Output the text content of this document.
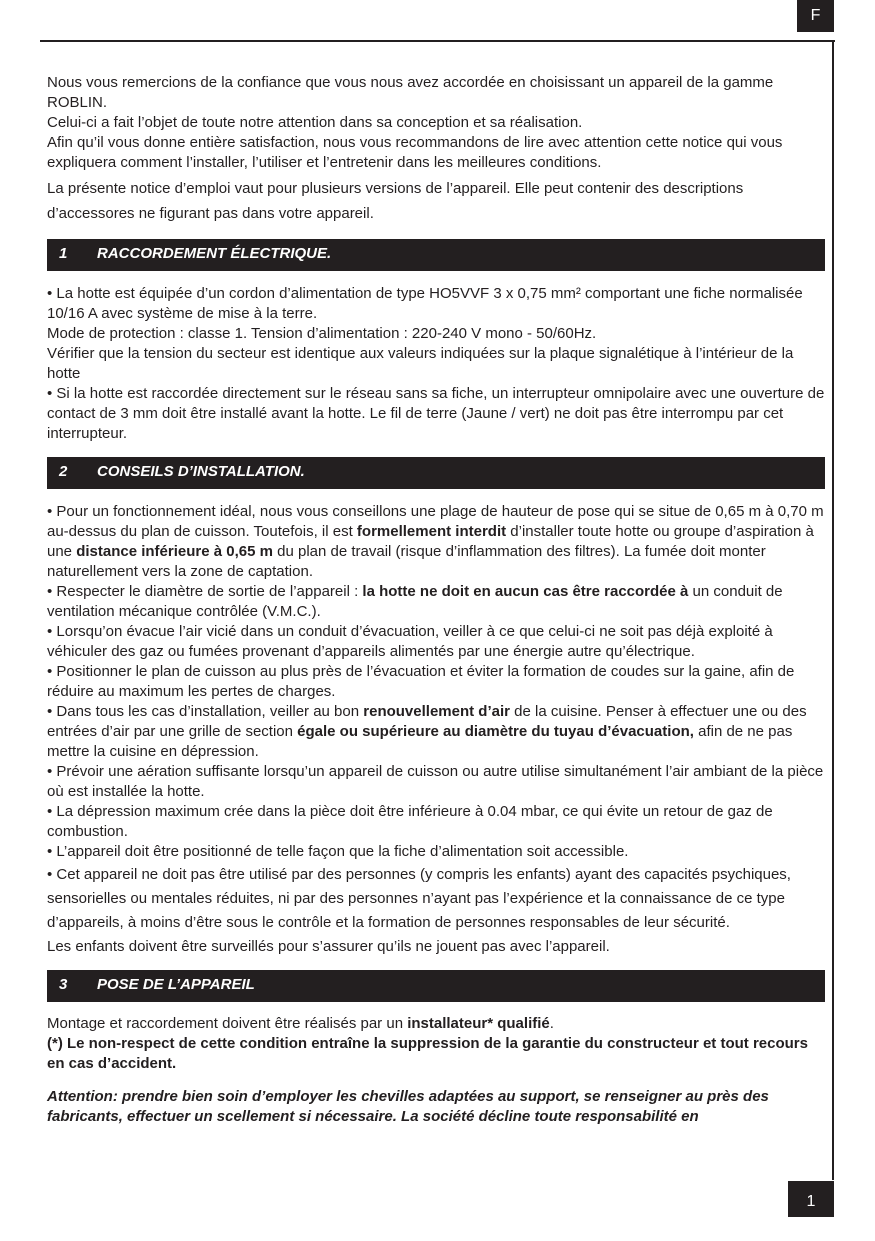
F

Nous vous remercions de la confiance que vous nous avez accordée en choisissant un appareil de la gamme ROBLIN.

Celui-ci a fait l’objet de toute notre attention dans sa conception et sa réalisation.

Afin qu’il vous donne entière satisfaction, nous vous recommandons de lire avec attention cette notice qui vous expliquera comment l’installer, l’utiliser et l’entretenir dans les meilleures conditions.

La présente notice d’emploi vaut pour plusieurs versions de l’appareil. Elle peut contenir des descriptions d’accessores ne figurant pas dans votre appareil.

1 RACCORDEMENT ÉLECTRIQUE.

• La hotte est équipée d’un cordon d’alimentation de type HO5VVF 3 x 0,75 mm² comportant une fiche normalisée 10/16 A avec système de mise à la terre.

Mode de protection : classe 1. Tension d’alimentation : 220-240 V mono - 50/60Hz.

Vérifier que la tension du secteur est identique aux valeurs indiquées sur la plaque signalétique à l’intérieur de la hotte

• Si la hotte est raccordée directement sur le réseau sans sa fiche, un interrupteur omnipolaire avec une ouverture de contact de 3 mm doit être installé avant la hotte. Le fil de terre (Jaune / vert) ne doit pas être interrompu par cet interrupteur.

2 CONSEILS D’INSTALLATION.

• Pour un fonctionnement idéal, nous vous conseillons une plage de hauteur de pose qui se situe de 0,65 m à 0,70 m au-dessus du plan de cuisson. Toutefois, il est formellement interdit d’installer toute hotte ou groupe d’aspiration à une distance inférieure à 0,65 m du plan de travail (risque d’inflammation des filtres). La fumée doit monter naturellement vers la zone de captation.

• Respecter le diamètre de sortie de l’appareil : la hotte ne doit en aucun cas être raccordée à un conduit de ventilation mécanique contrôlée (V.M.C.).

• Lorsqu’on évacue l’air vicié dans un conduit d’évacuation, veiller à ce que celui-ci ne soit pas déjà exploité à véhiculer des gaz ou fumées provenant d’appareils alimentés par une énergie autre qu’électrique.

• Positionner le plan de cuisson au plus près de l’évacuation et éviter la formation de coudes sur la gaine, afin de réduire au maximum les pertes de charges.

• Dans tous les cas d’installation, veiller au bon renouvellement d’air de la cuisine. Penser à effectuer une ou des entrées d’air par une grille de section égale ou supérieure au diamètre du tuyau d’évacuation, afin de ne pas mettre la cuisine en dépression.

• Prévoir une aération suffisante lorsqu’un appareil de cuisson ou autre utilise simultanément l’air ambiant de la pièce où est installée la hotte.

• La dépression maximum crée dans la pièce doit être inférieure à 0.04 mbar, ce qui évite un retour de gaz de combustion.

• L’appareil doit être positionné de telle façon que la fiche d’alimentation soit accessible.

• Cet appareil ne doit pas être utilisé par des personnes (y compris les enfants) ayant des capacités psychiques, sensorielles ou mentales réduites, ni par des personnes n’ayant pas l’expérience et la connaissance de ce type d’appareils, à moins d’être sous le contrôle et la formation de personnes responsables de leur sécurité.

Les enfants doivent être surveillés pour s’assurer qu’ils ne jouent pas avec l’appareil.

3 POSE DE L’APPAREIL

Montage et raccordement doivent être réalisés par un installateur* qualifié.

(*) Le non-respect de cette condition entraîne la suppression de la garantie du constructeur et tout recours en cas d’accident.

Attention: prendre bien soin d’employer les chevilles adaptées au support, se renseigner au près des fabricants, effectuer un scellement si nécessaire. La société décline toute responsabilité en

1
